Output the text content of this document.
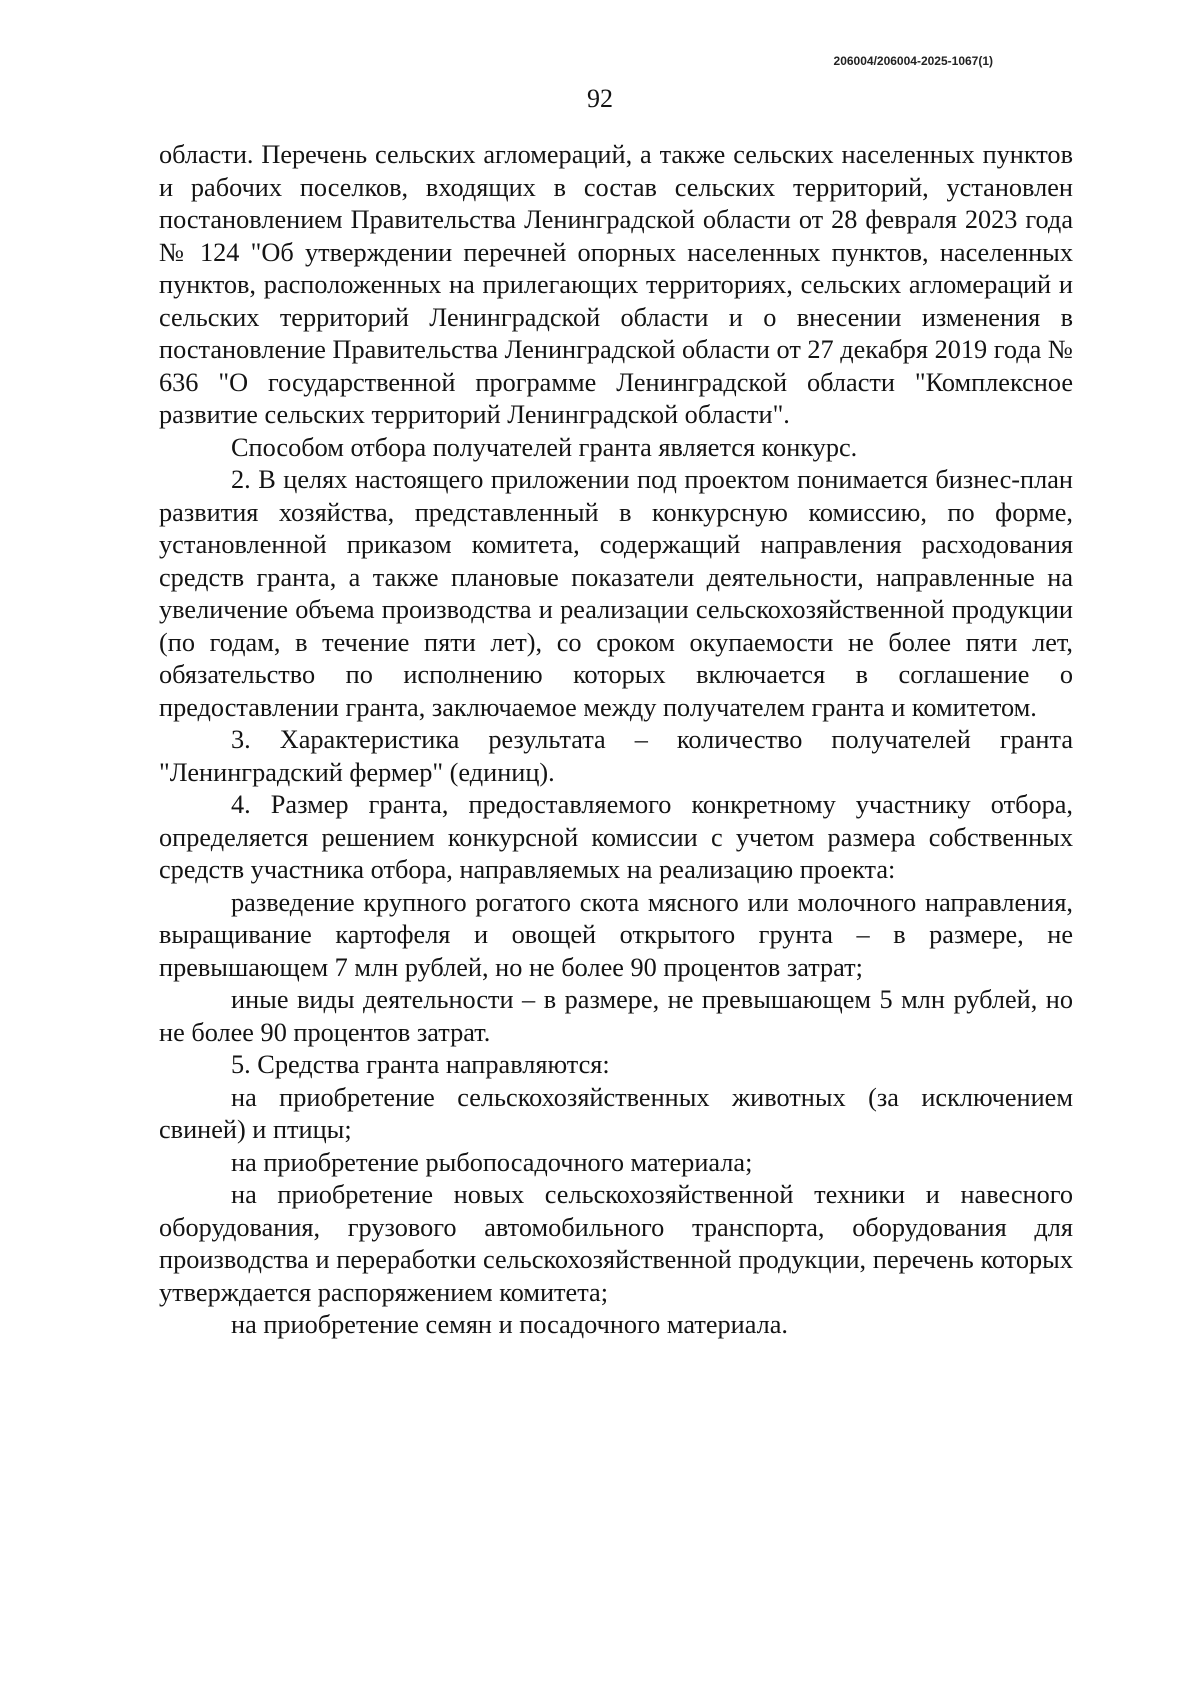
206004/206004-2025-1067(1)
92

области. Перечень сельских агломераций, а также сельских населенных пунктов и рабочих поселков, входящих в состав сельских территорий, установлен постановлением Правительства Ленинградской области от 28 февраля 2023 года № 124 "Об утверждении перечней опорных населенных пунктов, населенных пунктов, расположенных на прилегающих территориях, сельских агломераций и сельских территорий Ленинградской области и о внесении изменения в постановление Правительства Ленинградской области от 27 декабря 2019 года № 636 "О государственной программе Ленинградской области "Комплексное развитие сельских территорий Ленинградской области".

Способом отбора получателей гранта является конкурс.

2. В целях настоящего приложении под проектом понимается бизнес-план развития хозяйства, представленный в конкурсную комиссию, по форме, установленной приказом комитета, содержащий направления расходования средств гранта, а также плановые показатели деятельности, направленные на увеличение объема производства и реализации сельскохозяйственной продукции (по годам, в течение пяти лет), со сроком окупаемости не более пяти лет, обязательство по исполнению которых включается в соглашение о предоставлении гранта, заключаемое между получателем гранта и комитетом.

3. Характеристика результата – количество получателей гранта "Ленинградский фермер" (единиц).

4. Размер гранта, предоставляемого конкретному участнику отбора, определяется решением конкурсной комиссии с учетом размера собственных средств участника отбора, направляемых на реализацию проекта:

разведение крупного рогатого скота мясного или молочного направления, выращивание картофеля и овощей открытого грунта – в размере, не превышающем 7 млн рублей, но не более 90 процентов затрат;

иные виды деятельности – в размере, не превышающем 5 млн рублей, но не более 90 процентов затрат.

5. Средства гранта направляются:

на приобретение сельскохозяйственных животных (за исключением свиней) и птицы;

на приобретение рыбопосадочного материала;

на приобретение новых сельскохозяйственной техники и навесного оборудования, грузового автомобильного транспорта, оборудования для производства и переработки сельскохозяйственной продукции, перечень которых утверждается распоряжением комитета;

на приобретение семян и посадочного материала.
